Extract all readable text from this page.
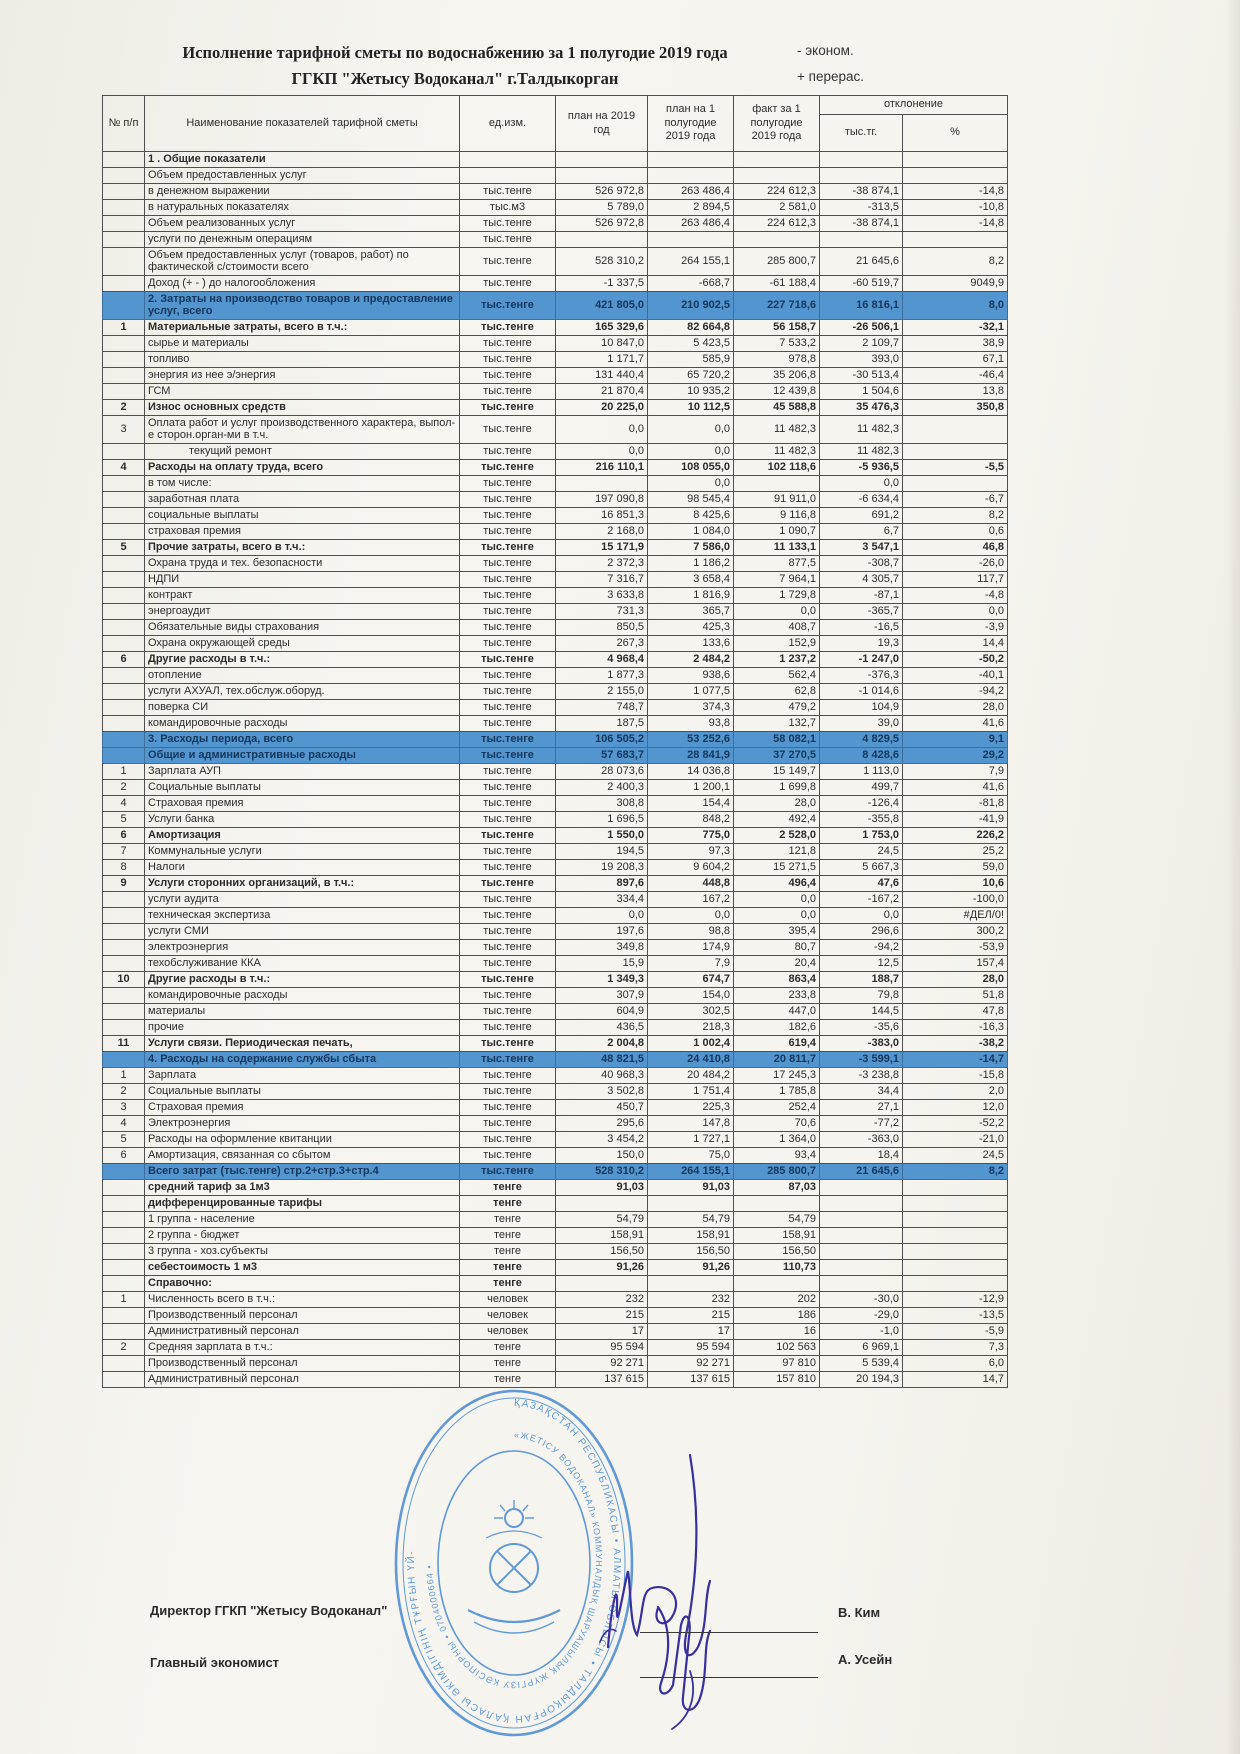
Исполнение тарифной сметы по водоснабжению за 1 полугодие 2019 года
ГГКП "Жетысу Водоканал" г.Талдыкорган
- эконом.
+ перерас.
№ п/п	Наименование показателей тарифной сметы	ед.изм.	план на 2019 год	план на 1 полугодие 2019 года	факт за 1 полугодие 2019 года	отклонение	
						тыс.тг.	%
	1 . Общие показатели						
	Объем предоставленных услуг						
	в денежном выражении	тыс.тенге	526 972,8	263 486,4	224 612,3	-38 874,1	-14,8
	в натуральных показателях	тыс.м3	5 789,0	2 894,5	2 581,0	-313,5	-10,8
	Объем реализованных услуг	тыс.тенге	526 972,8	263 486,4	224 612,3	-38 874,1	-14,8
	услуги по денежным операциям	тыс.тенге					
	Объем предоставленных услуг (товаров, работ) по фактической с/стоимости всего	тыс.тенге	528 310,2	264 155,1	285 800,7	21 645,6	8,2
	Доход (+ - ) до налогообложения	тыс.тенге	-1 337,5	-668,7	-61 188,4	-60 519,7	9049,9
	2. Затраты на производство товаров и предоставление услуг, всего	тыс.тенге	421 805,0	210 902,5	227 718,6	16 816,1	8,0
1	Материальные затраты, всего в т.ч.:	тыс.тенге	165 329,6	82 664,8	56 158,7	-26 506,1	-32,1
	сырье и материалы	тыс.тенге	10 847,0	5 423,5	7 533,2	2 109,7	38,9
	топливо	тыс.тенге	1 171,7	585,9	978,8	393,0	67,1
	энергия из нее э/энергия	тыс.тенге	131 440,4	65 720,2	35 206,8	-30 513,4	-46,4
	ГСМ	тыс.тенге	21 870,4	10 935,2	12 439,8	1 504,6	13,8
2	Износ основных средств	тыс.тенге	20 225,0	10 112,5	45 588,8	35 476,3	350,8
3	Оплата работ и услуг производственного характера, выпол-е сторон.орган-ми в т.ч.	тыс.тенге	0,0	0,0	11 482,3	11 482,3	
	текущий ремонт	тыс.тенге	0,0	0,0	11 482,3	11 482,3	
4	Расходы на оплату труда, всего	тыс.тенге	216 110,1	108 055,0	102 118,6	-5 936,5	-5,5
	в том числе:	тыс.тенге		0,0		0,0	
	заработная плата	тыс.тенге	197 090,8	98 545,4	91 911,0	-6 634,4	-6,7
	социальные выплаты	тыс.тенге	16 851,3	8 425,6	9 116,8	691,2	8,2
	страховая премия	тыс.тенге	2 168,0	1 084,0	1 090,7	6,7	0,6
5	Прочие затраты, всего в т.ч.:	тыс.тенге	15 171,9	7 586,0	11 133,1	3 547,1	46,8
	Охрана труда и тех. безопасности	тыс.тенге	2 372,3	1 186,2	877,5	-308,7	-26,0
	НДПИ	тыс.тенге	7 316,7	3 658,4	7 964,1	4 305,7	117,7
	контракт	тыс.тенге	3 633,8	1 816,9	1 729,8	-87,1	-4,8
	энергоаудит	тыс.тенге	731,3	365,7	0,0	-365,7	0,0
	Обязательные виды страхования	тыс.тенге	850,5	425,3	408,7	-16,5	-3,9
	Охрана окружающей среды	тыс.тенге	267,3	133,6	152,9	19,3	14,4
6	Другие расходы в т.ч.:	тыс.тенге	4 968,4	2 484,2	1 237,2	-1 247,0	-50,2
	отопление	тыс.тенге	1 877,3	938,6	562,4	-376,3	-40,1
	услуги АХУАЛ, тех.обслуж.оборуд.	тыс.тенге	2 155,0	1 077,5	62,8	-1 014,6	-94,2
	поверка СИ	тыс.тенге	748,7	374,3	479,2	104,9	28,0
	командировочные расходы	тыс.тенге	187,5	93,8	132,7	39,0	41,6
	3. Расходы периода, всего	тыс.тенге	106 505,2	53 252,6	58 082,1	4 829,5	9,1
	Общие и административные расходы	тыс.тенге	57 683,7	28 841,9	37 270,5	8 428,6	29,2
1	Зарплата АУП	тыс.тенге	28 073,6	14 036,8	15 149,7	1 113,0	7,9
2	Социальные выплаты	тыс.тенге	2 400,3	1 200,1	1 699,8	499,7	41,6
4	Страховая премия	тыс.тенге	308,8	154,4	28,0	-126,4	-81,8
5	Услуги банка	тыс.тенге	1 696,5	848,2	492,4	-355,8	-41,9
6	Амортизация	тыс.тенге	1 550,0	775,0	2 528,0	1 753,0	226,2
7	Коммунальные услуги	тыс.тенге	194,5	97,3	121,8	24,5	25,2
8	Налоги	тыс.тенге	19 208,3	9 604,2	15 271,5	5 667,3	59,0
9	Услуги сторонних организаций, в т.ч.:	тыс.тенге	897,6	448,8	496,4	47,6	10,6
	услуги аудита	тыс.тенге	334,4	167,2	0,0	-167,2	-100,0
	техническая экспертиза	тыс.тенге	0,0	0,0	0,0	0,0	#ДЕЛ/0!
	услуги СМИ	тыс.тенге	197,6	98,8	395,4	296,6	300,2
	электроэнергия	тыс.тенге	349,8	174,9	80,7	-94,2	-53,9
	техобслуживание ККА	тыс.тенге	15,9	7,9	20,4	12,5	157,4
10	Другие расходы в т.ч.:	тыс.тенге	1 349,3	674,7	863,4	188,7	28,0
	командировочные расходы	тыс.тенге	307,9	154,0	233,8	79,8	51,8
	материалы	тыс.тенге	604,9	302,5	447,0	144,5	47,8
	прочие	тыс.тенге	436,5	218,3	182,6	-35,6	-16,3
11	Услуги связи. Периодическая печать,	тыс.тенге	2 004,8	1 002,4	619,4	-383,0	-38,2
	4. Расходы на содержание службы сбыта	тыс.тенге	48 821,5	24 410,8	20 811,7	-3 599,1	-14,7
1	Зарплата	тыс.тенге	40 968,3	20 484,2	17 245,3	-3 238,8	-15,8
2	Социальные выплаты	тыс.тенге	3 502,8	1 751,4	1 785,8	34,4	2,0
3	Страховая премия	тыс.тенге	450,7	225,3	252,4	27,1	12,0
4	Электроэнергия	тыс.тенге	295,6	147,8	70,6	-77,2	-52,2
5	Расходы на оформление квитанции	тыс.тенге	3 454,2	1 727,1	1 364,0	-363,0	-21,0
6	Амортизация, связанная со сбытом	тыс.тенге	150,0	75,0	93,4	18,4	24,5
	Всего затрат (тыс.тенге) стр.2+стр.3+стр.4	тыс.тенге	528 310,2	264 155,1	285 800,7	21 645,6	8,2
	средний тариф за 1м3	тенге	91,03	91,03	87,03		
	дифференцированные тарифы	тенге					
	1 группа - население	тенге	54,79	54,79	54,79		
	2 группа - бюджет	тенге	158,91	158,91	158,91		
	3 группа - хоз.субъекты	тенге	156,50	156,50	156,50		
	себестоимость 1 м3	тенге	91,26	91,26	110,73		
	Справочно:	тенге					
1	Численность всего в т.ч.:	человек	232	232	202	-30,0	-12,9
	Производственный персонал	человек	215	215	186	-29,0	-13,5
	Административный персонал	человек	17	17	16	-1,0	-5,9
2	Средняя зарплата в т.ч.:	тенге	95 594	95 594	102 563	6 969,1	7,3
	Производственный персонал	тенге	92 271	92 271	97 810	5 539,4	6,0
	Административный персонал	тенге	137 615	137 615	157 810	20 194,3	14,7
ҚАЗАҚСТАН РЕСПУБЛИКАСЫ • АЛМАТЫ ОБЛЫСЫ • ТАЛДЫҚОРҒАН ҚАЛАСЫ ӘКІМДІГІНІҢ ТҰРҒЫН ҮЙ-
«ЖЕТІСУ ВОДОКАНАЛ» КОММУНАЛДЫҚ ШАРУАШЫЛЫҚ ЖҮРГІЗУ КӘСІПОРНЫ • 0704000664 •
Директор ГГКП "Жетысу Водоканал"	В. Ким
Главный экономист	А. Усейн
